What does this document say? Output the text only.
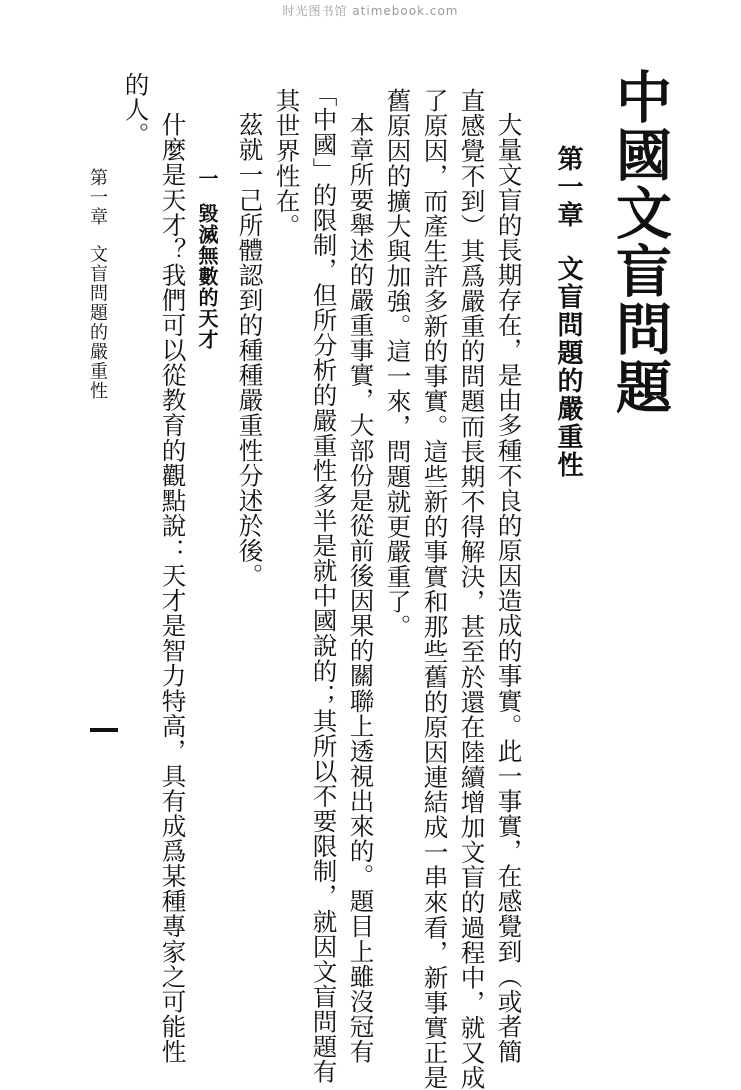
时光图书馆 atimebook.com
中國文盲問題
第一章文盲問題的嚴重性
大量文盲的長期存在，是由多種不良的原因造成的事實。此一事實，在感覺到（或者簡
直感覺不到）其爲嚴重的問題而長期不得解決，甚至於還在陸續增加文盲的過程中，就又成
了原因，而產生許多新的事實。這些新的事實和那些舊的原因連結成一串來看，新事實正是
舊原因的擴大與加強。這一來，問題就更嚴重了。
本章所要舉述的嚴重事實，大部份是從前後因果的關聯上透視出來的。題目上雖沒冠有
「中國」的限制，但所分析的嚴重性多半是就中國說的；其所以不要限制，就因文盲問題有
其世界性在。
茲就一己所體認到的種種嚴重性分述於後。
一毀滅無數的天才
什麼是天才？我們可以從教育的觀點說：天才是智力特高，具有成爲某種專家之可能性
的人。
第一章文盲問題的嚴重性
